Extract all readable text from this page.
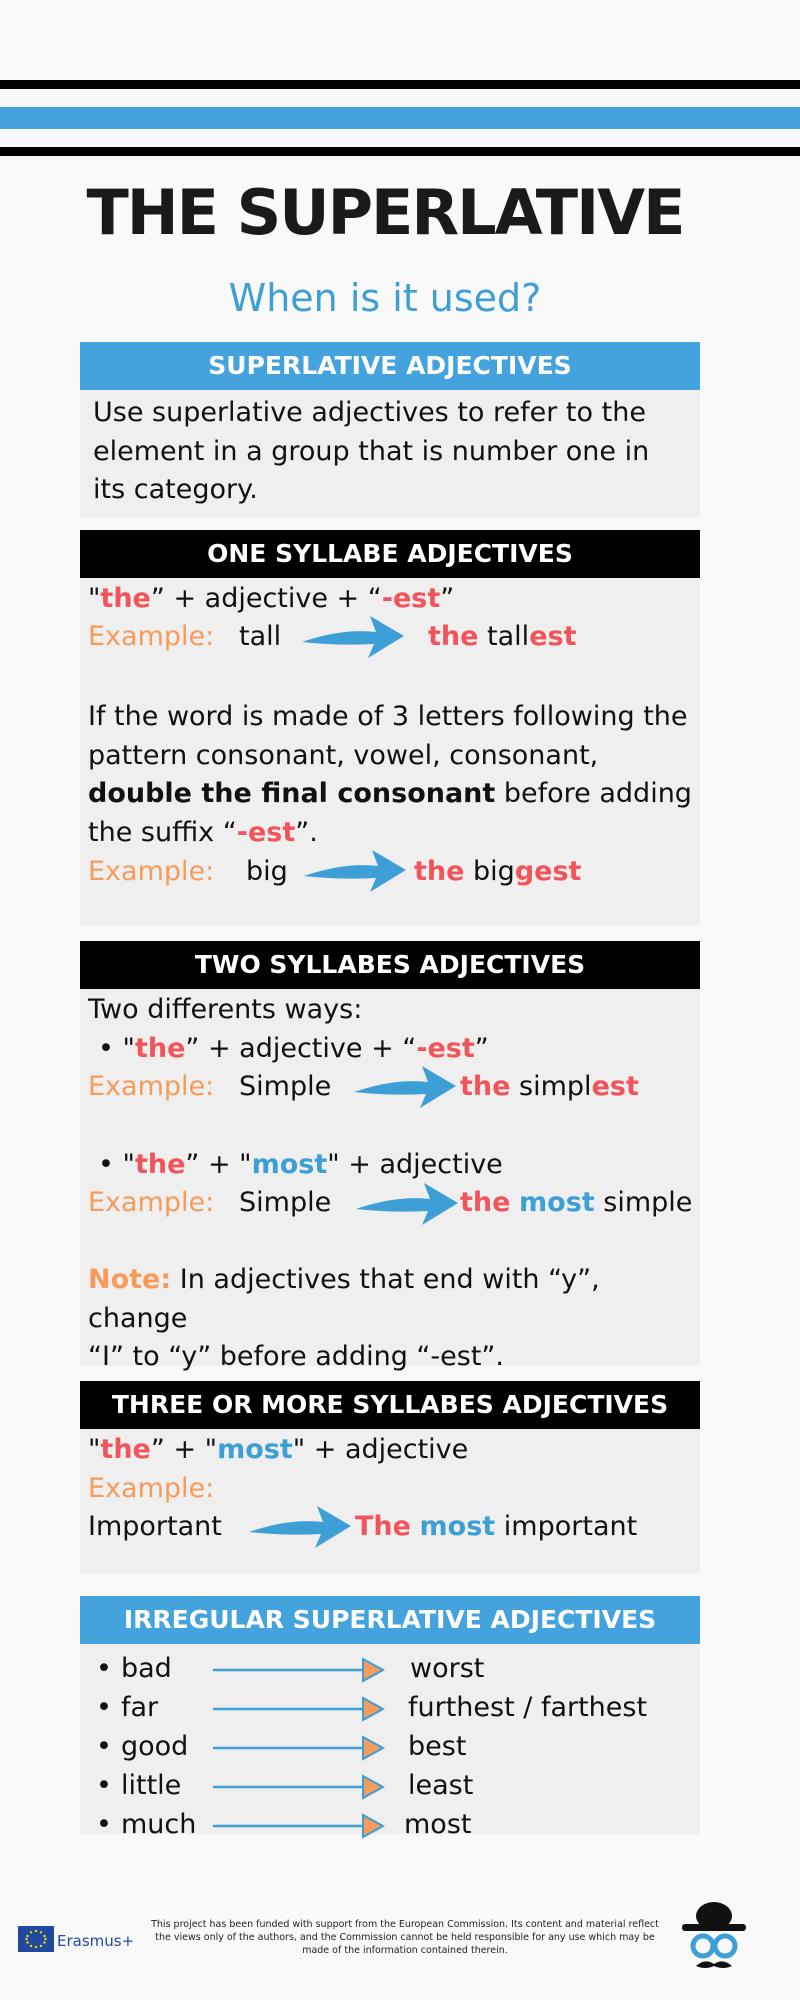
THE SUPERLATIVE
When is it used?
SUPERLATIVE ADJECTIVES
Use superlative adjectives to refer to the
element in a group that is number one in
its category.
ONE SYLLABE ADJECTIVES
"the” + adjective + “-est”
Example: tall	the tallest
If the word is made of 3 letters following the
pattern consonant, vowel, consonant,
double the final consonant before adding
the suffix “-est”.
Example: big	the biggest
TWO SYLLABES ADJECTIVES
Two differents ways:
• "the” + adjective + “-est”
Example: Simple	the simplest
• "the” + "most" + adjective
Example: Simple	the most simple
Note: In adjectives that end with “y”, change
“I” to “y” before adding “-est”.
THREE OR MORE SYLLABES ADJECTIVES
"the” + "most" + adjective
Example:
Important	The most important
IRREGULAR SUPERLATIVE ADJECTIVES
• bad	worst
• far	furthest / farthest
• good	best
• little	least
• much	most
Erasmus+
This project has been funded with support from the European Commission. Its content and material reflect the views only of the authors, and the Commission cannot be held responsible for any use which may be made of the information contained therein.
